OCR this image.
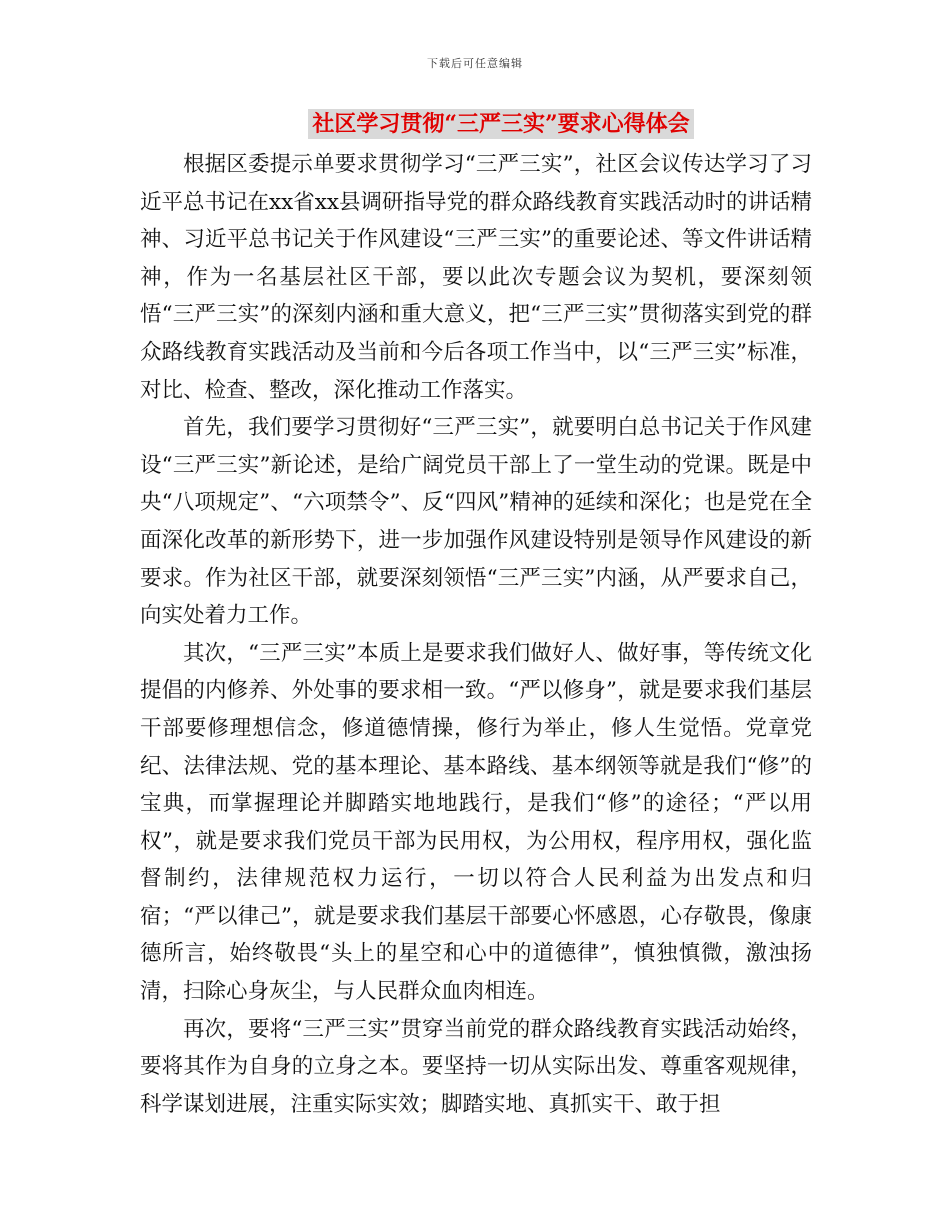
下载后可任意编辑
社区学习贯彻“三严三实”要求心得体会

根据区委提示单要求贯彻学习“三严三实”，社区会议传达学习了习近平总书记在xx省xx县调研指导党的群众路线教育实践活动时的讲话精神、习近平总书记关于作风建设“三严三实”的重要论述、等文件讲话精神，作为一名基层社区干部，要以此次专题会议为契机，要深刻领悟“三严三实”的深刻内涵和重大意义，把“三严三实”贯彻落实到党的群众路线教育实践活动及当前和今后各项工作当中，以“三严三实”标准，对比、检查、整改，深化推动工作落实。

首先，我们要学习贯彻好“三严三实”，就要明白总书记关于作风建设“三严三实”新论述，是给广阔党员干部上了一堂生动的党课。既是中央“八项规定”、“六项禁令”、反“四风”精神的延续和深化；也是党在全面深化改革的新形势下，进一步加强作风建设特别是领导作风建设的新要求。作为社区干部，就要深刻领悟“三严三实”内涵，从严要求自己，向实处着力工作。

其次，“三严三实”本质上是要求我们做好人、做好事，等传统文化提倡的内修养、外处事的要求相一致。“严以修身”，就是要求我们基层干部要修理想信念，修道德情操，修行为举止，修人生觉悟。党章党纪、法律法规、党的基本理论、基本路线、基本纲领等就是我们“修”的宝典，而掌握理论并脚踏实地地践行，是我们“修”的途径；“严以用权”，就是要求我们党员干部为民用权，为公用权，程序用权，强化监督制约，法律规范权力运行，一切以符合人民利益为出发点和归宿；“严以律己”，就是要求我们基层干部要心怀感恩，心存敬畏，像康德所言，始终敬畏“头上的星空和心中的道德律”，慎独慎微，激浊扬清，扫除心身灰尘，与人民群众血肉相连。

再次，要将“三严三实”贯穿当前党的群众路线教育实践活动始终，要将其作为自身的立身之本。要坚持一切从实际出发、尊重客观规律，科学谋划进展，注重实际实效；脚踏实地、真抓实干、敢于担
